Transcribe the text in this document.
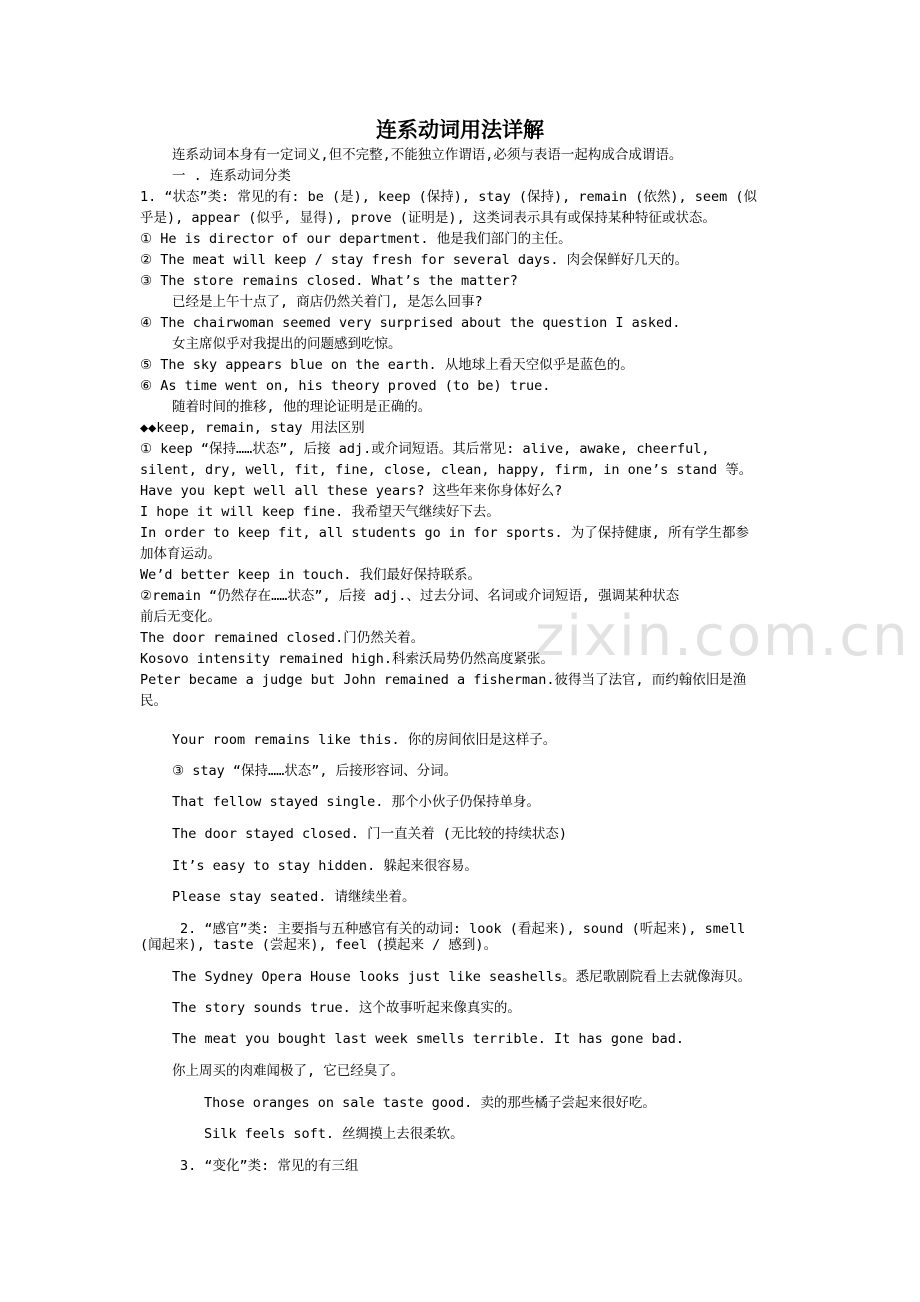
连系动词用法详解
zixin.com.cn
连系动词本身有一定词义,但不完整,不能独立作谓语,必须与表语一起构成合成谓语。
一 . 连系动词分类
1. “状态”类: 常见的有: be (是), keep (保持), stay (保持), remain (依然), seem (似
乎是), appear (似乎, 显得), prove (证明是), 这类词表示具有或保持某种特征或状态。
① He is director of our department. 他是我们部门的主任。
② The meat will keep / stay fresh for several days. 肉会保鲜好几天的。
③ The store remains closed. What’s the matter?
已经是上午十点了, 商店仍然关着门, 是怎么回事?
④ The chairwoman seemed very surprised about the question I asked.
女主席似乎对我提出的问题感到吃惊。
⑤ The sky appears blue on the earth. 从地球上看天空似乎是蓝色的。
⑥ As time went on, his theory proved (to be) true.
随着时间的推移, 他的理论证明是正确的。
◆◆keep, remain, stay 用法区别
① keep “保持……状态”, 后接 adj.或介词短语。其后常见: alive, awake, cheerful,
silent, dry, well, fit, fine, close, clean, happy, firm, in one’s stand 等。
Have you kept well all these years? 这些年来你身体好么?
I hope it will keep fine. 我希望天气继续好下去。
In order to keep fit, all students go in for sports. 为了保持健康, 所有学生都参
加体育运动。
We’d better keep in touch. 我们最好保持联系。
②remain “仍然存在……状态”, 后接 adj.、过去分词、名词或介词短语, 强调某种状态
前后无变化。
The door remained closed.门仍然关着。
Kosovo intensity remained high.科索沃局势仍然高度紧张。
Peter became a judge but John remained a fisherman.彼得当了法官, 而约翰依旧是渔
民。
Your room remains like this. 你的房间依旧是这样子。
③ stay “保持……状态”, 后接形容词、分词。
That fellow stayed single. 那个小伙子仍保持单身。
The door stayed closed. 门一直关着 (无比较的持续状态)
It’s easy to stay hidden. 躲起来很容易。
Please stay seated. 请继续坐着。
2. “感官”类: 主要指与五种感官有关的动词: look (看起来), sound (听起来), smell
(闻起来), taste (尝起来), feel (摸起来 / 感到)。
The Sydney Opera House looks just like seashells。悉尼歌剧院看上去就像海贝。
The story sounds true. 这个故事听起来像真实的。
The meat you bought last week smells terrible. It has gone bad.
你上周买的肉难闻极了, 它已经臭了。
Those oranges on sale taste good. 卖的那些橘子尝起来很好吃。
Silk feels soft. 丝绸摸上去很柔软。
3. “变化”类: 常见的有三组
